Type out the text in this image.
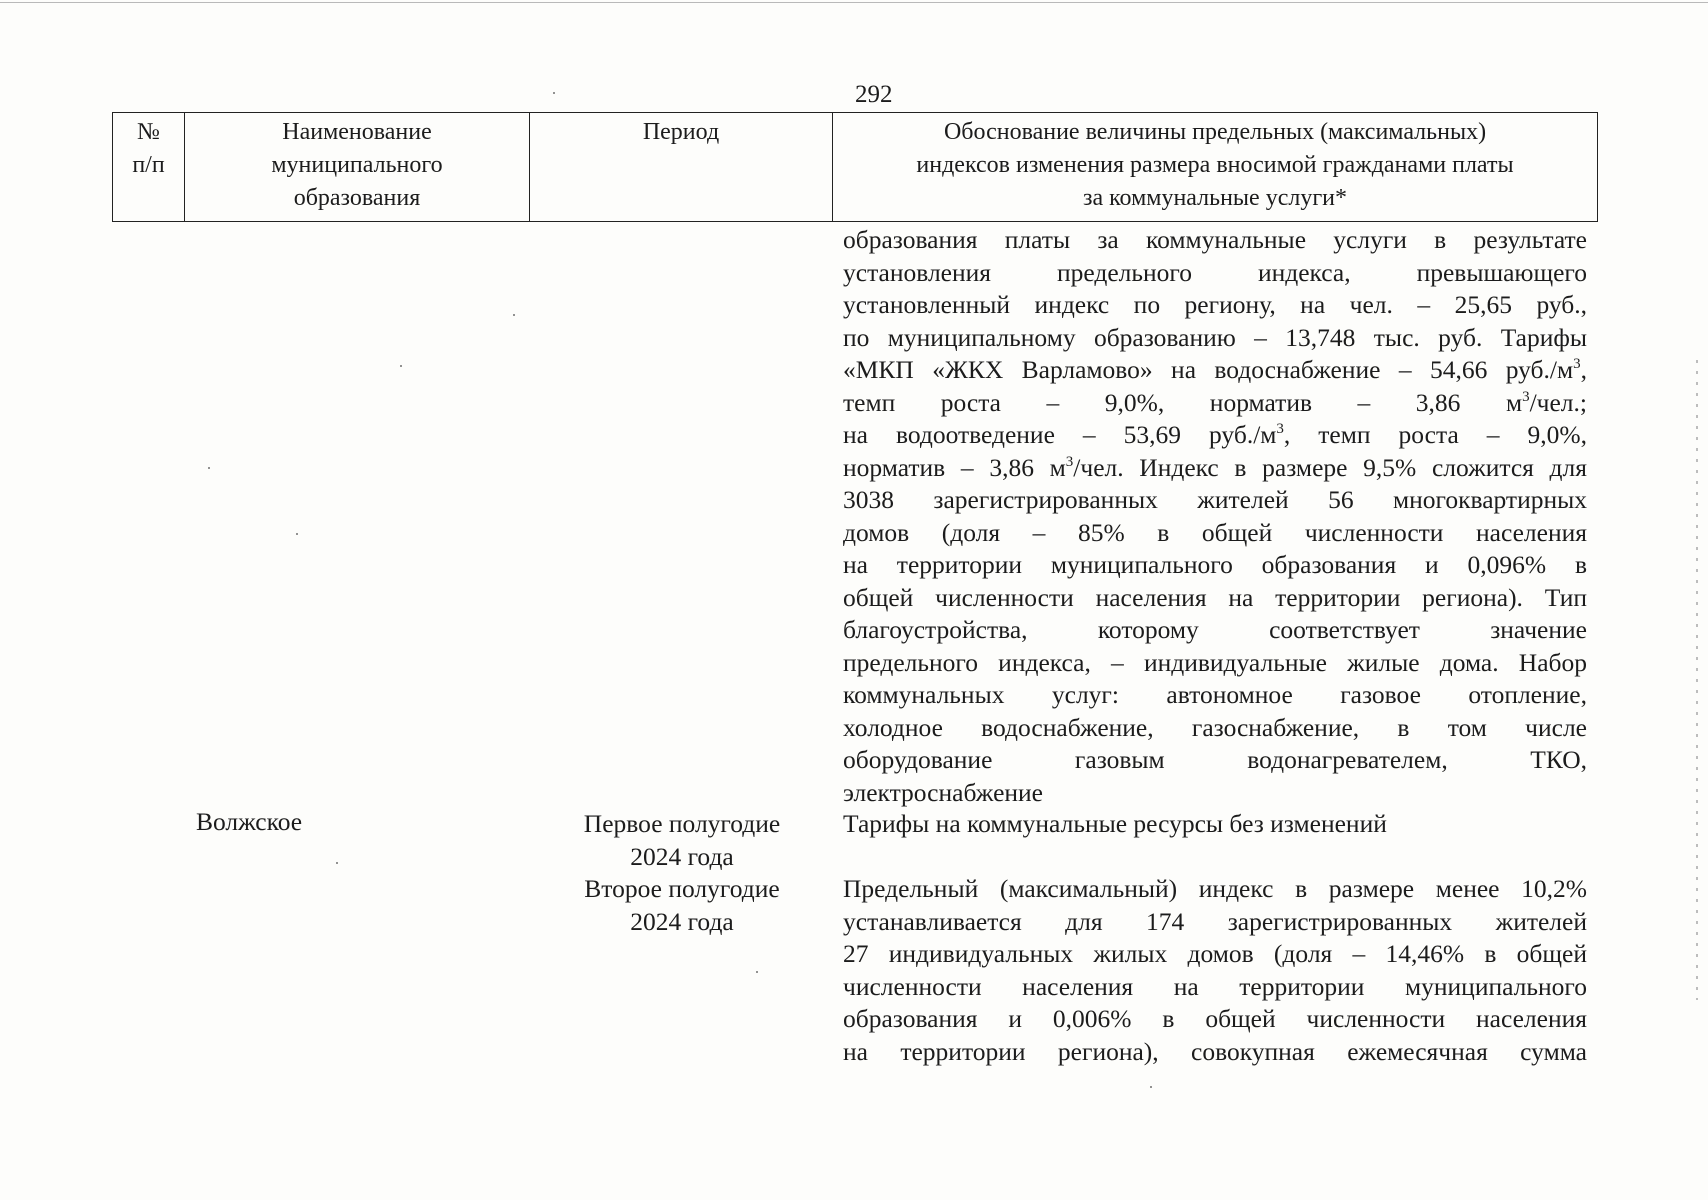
292
№
п/п
Наименование
муниципального
образования
Период	Обоснование величины предельных (максимальных)
индексов изменения размера вносимой гражданами платы
за коммунальные услуги*
образования платы за коммунальные услуги в результате
установления предельного индекса, превышающего
установленный индекс по региону, на чел. – 25,65 руб.,
по муниципальному образованию – 13,748 тыс. руб. Тарифы
«МКП «ЖКХ Варламово» на водоснабжение – 54,66 $руб./м^3$,
темп роста – 9,0%, норматив – 3,86 $м^3$/чел.;
на водоотведение – 53,69 $руб./м^3$, темп роста – 9,0%,
норматив – 3,86 $м^3$/чел. Индекс в размере 9,5% сложится для
3038 зарегистрированных жителей 56 многоквартирных
домов (доля – 85% в общей численности населения
на территории муниципального образования и 0,096% в
общей численности населения на территории региона). Тип
благоустройства, которому соответствует значение
предельного индекса, – индивидуальные жилые дома. Набор
коммунальных услуг: автономное газовое отопление,
холодное водоснабжение, газоснабжение, в том числе
оборудование газовым водонагревателем, ТКО,
электроснабжение
Волжское	Первое полугодие
2024 года
Тарифы на коммунальные ресурсы без изменений
Второе полугодие
2024 года
Предельный (максимальный) индекс в размере менее 10,2%
устанавливается для 174 зарегистрированных жителей
27 индивидуальных жилых домов (доля – 14,46% в общей
численности населения на территории муниципального
образования и 0,006% в общей численности населения
на территории региона), совокупная ежемесячная сумма
